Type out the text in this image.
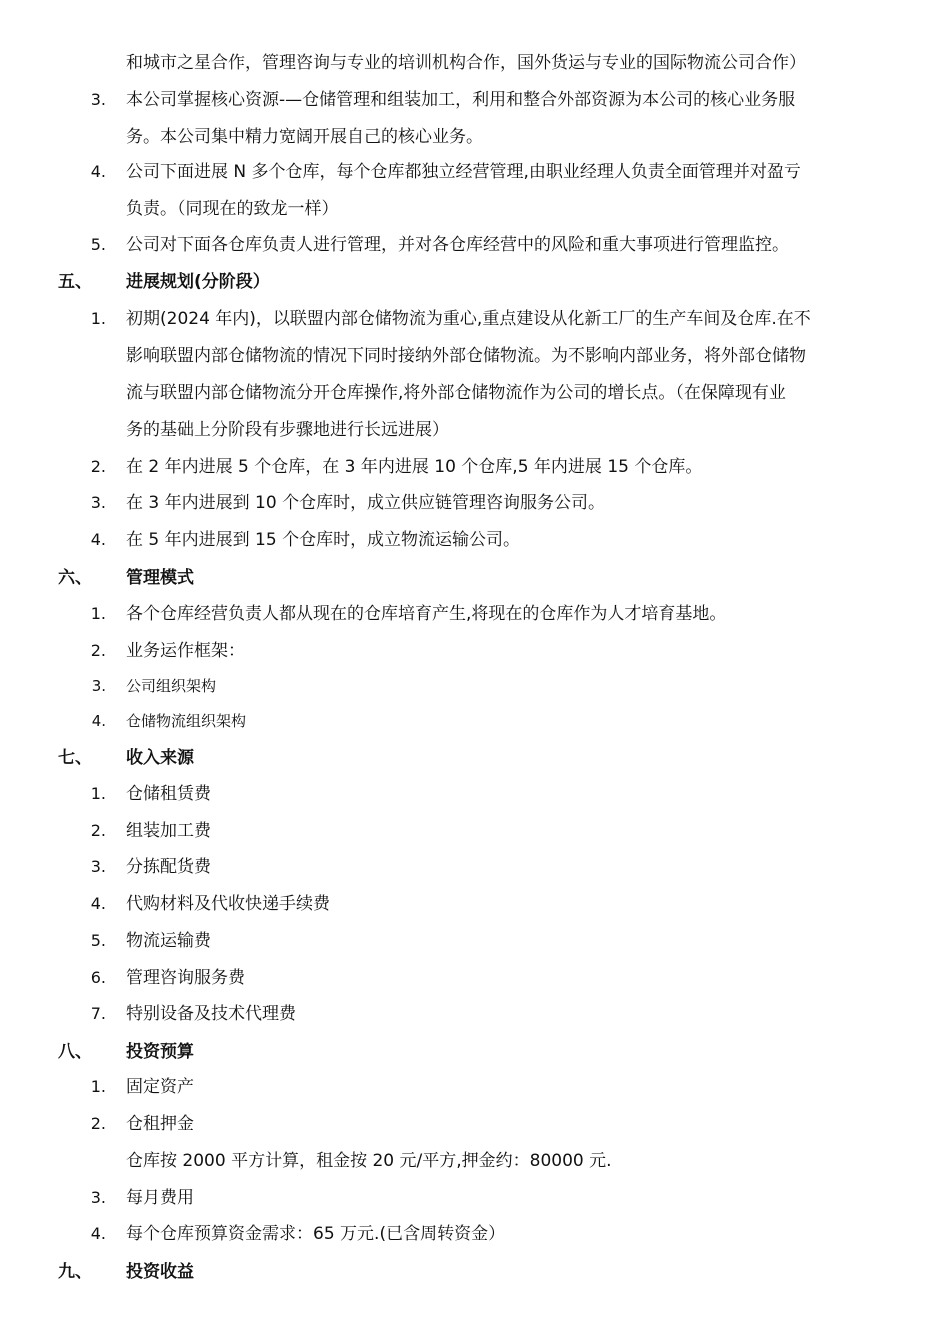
和城市之星合作，管理咨询与专业的培训机构合作，国外货运与专业的国际物流公司合作）
3. 本公司掌握核心资源-—仓储管理和组装加工，利用和整合外部资源为本公司的核心业务服
务。本公司集中精力宽阔开展自己的核心业务。
4. 公司下面进展 N 多个仓库，每个仓库都独立经营管理,由职业经理人负责全面管理并对盈亏
负责。（同现在的致龙一样）
5. 公司对下面各仓库负责人进行管理，并对各仓库经营中的风险和重大事项进行管理监控。
五、 进展规划(分阶段）
1. 初期(2024 年内)，以联盟内部仓储物流为重心,重点建设从化新工厂的生产车间及仓库.在不
影响联盟内部仓储物流的情况下同时接纳外部仓储物流。为不影响内部业务，将外部仓储物
流与联盟内部仓储物流分开仓库操作,将外部仓储物流作为公司的增长点。（在保障现有业
务的基础上分阶段有步骤地进行长远进展）
2. 在 2 年内进展 5 个仓库，在 3 年内进展 10 个仓库,5 年内进展 15 个仓库。
3. 在 3 年内进展到 10 个仓库时，成立供应链管理咨询服务公司。
4. 在 5 年内进展到 15 个仓库时，成立物流运输公司。
六、 管理模式
1. 各个仓库经营负责人都从现在的仓库培育产生,将现在的仓库作为人才培育基地。
2. 业务运作框架：
3. 公司组织架构
4. 仓储物流组织架构
七、 收入来源
1. 仓储租赁费
2. 组装加工费
3. 分拣配货费
4. 代购材料及代收快递手续费
5. 物流运输费
6. 管理咨询服务费
7. 特别设备及技术代理费
八、 投资预算
1. 固定资产
2. 仓租押金
仓库按 2000 平方计算，租金按 20 元/平方,押金约：80000 元.
3. 每月费用
4. 每个仓库预算资金需求：65 万元.(已含周转资金）
九、 投资收益
